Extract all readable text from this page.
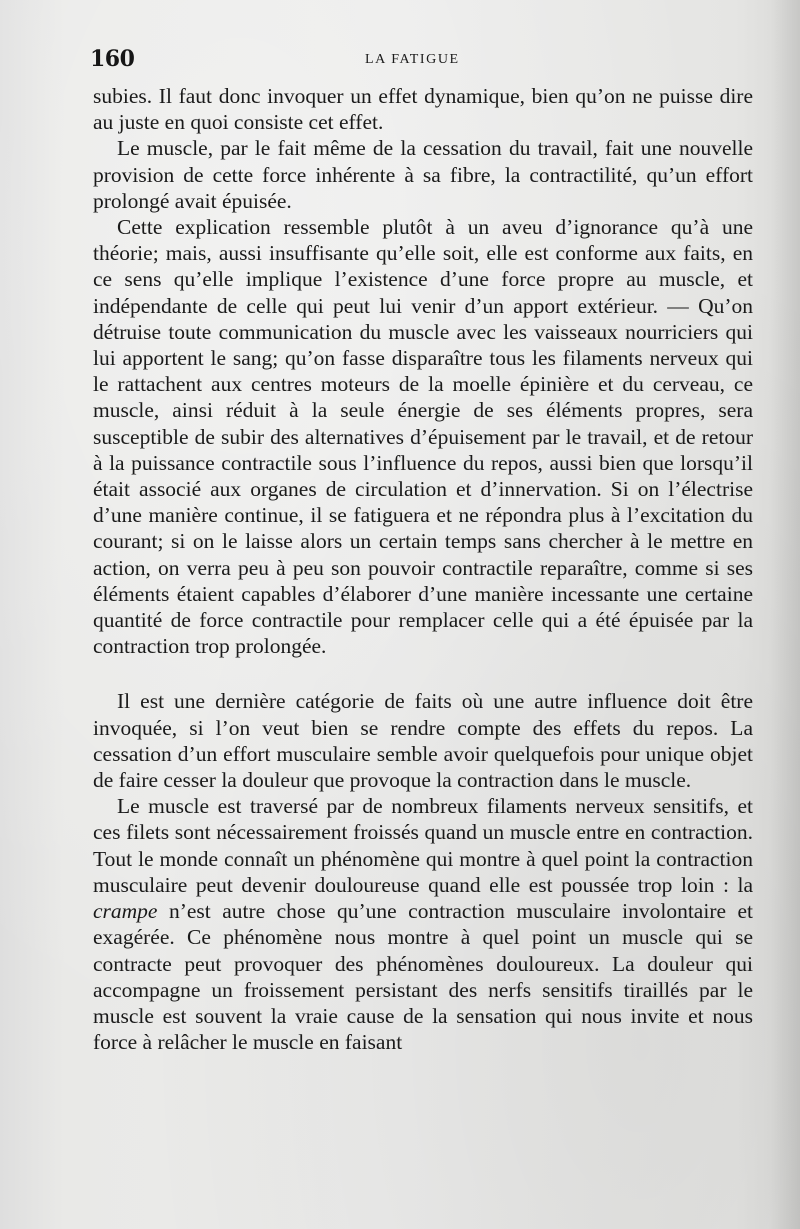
160	LA FATIGUE

subies. Il faut donc invoquer un effet dynamique, bien qu’on ne puisse dire au juste en quoi consiste cet effet.

Le muscle, par le fait même de la cessation du travail, fait une nouvelle provision de cette force inhérente à sa fibre, la contractilité, qu’un effort prolongé avait épuisée.

Cette explication ressemble plutôt à un aveu d’ignorance qu’à une théorie; mais, aussi insuffisante qu’elle soit, elle est conforme aux faits, en ce sens qu’elle implique l’existence d’une force propre au muscle, et indépendante de celle qui peut lui venir d’un apport extérieur. — Qu’on détruise toute communication du muscle avec les vaisseaux nourriciers qui lui apportent le sang; qu’on fasse disparaître tous les filaments nerveux qui le rattachent aux centres moteurs de la moelle épinière et du cerveau, ce muscle, ainsi réduit à la seule énergie de ses éléments propres, sera susceptible de subir des alternatives d’épuisement par le travail, et de retour à la puissance contractile sous l’influence du repos, aussi bien que lorsqu’il était associé aux organes de circulation et d’innervation. Si on l’électrise d’une manière continue, il se fatiguera et ne répondra plus à l’excitation du courant; si on le laisse alors un certain temps sans chercher à le mettre en action, on verra peu à peu son pouvoir contractile reparaître, comme si ses éléments étaient capables d’élaborer d’une manière incessante une certaine quantité de force contractile pour remplacer celle qui a été épuisée par la contraction trop prolongée.

Il est une dernière catégorie de faits où une autre influence doit être invoquée, si l’on veut bien se rendre compte des effets du repos. La cessation d’un effort musculaire semble avoir quelquefois pour unique objet de faire cesser la douleur que provoque la contraction dans le muscle.

Le muscle est traversé par de nombreux filaments nerveux sensitifs, et ces filets sont nécessairement froissés quand un muscle entre en contraction. Tout le monde connaît un phénomène qui montre à quel point la contraction musculaire peut devenir douloureuse quand elle est poussée trop loin : la crampe n’est autre chose qu’une contraction musculaire involontaire et exagérée. Ce phénomène nous montre à quel point un muscle qui se contracte peut provoquer des phénomènes douloureux. La douleur qui accompagne un froissement persistant des nerfs sensitifs tiraillés par le muscle est souvent la vraie cause de la sensation qui nous invite et nous force à relâcher le muscle en faisant
